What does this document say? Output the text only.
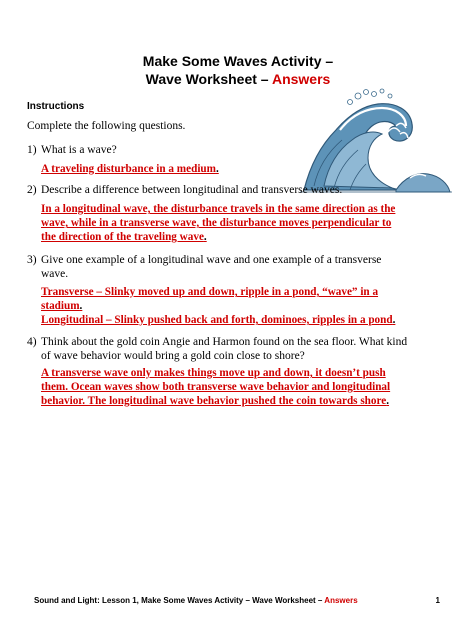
Make Some Waves Activity –
Wave Worksheet – Answers
Instructions
Complete the following questions.
1) What is a wave?
A traveling disturbance in a medium.
2) Describe a difference between longitudinal and transverse waves.
In a longitudinal wave, the disturbance travels in the same direction as the
wave, while in a transverse wave, the disturbance moves perpendicular to
the direction of the traveling wave.
3) Give one example of a longitudinal wave and one example of a transverse
wave.
Transverse – Slinky moved up and down, ripple in a pond, “wave” in a
stadium.
Longitudinal – Slinky pushed back and forth, dominoes, ripples in a pond.
4) Think about the gold coin Angie and Harmon found on the sea floor. What kind
of wave behavior would bring a gold coin close to shore?
A transverse wave only makes things move up and down, it doesn’t push
them. Ocean waves show both transverse wave behavior and longitudinal
behavior. The longitudinal wave behavior pushed the coin towards shore.
Sound and Light: Lesson 1, Make Some Waves Activity – Wave Worksheet – Answers	1
